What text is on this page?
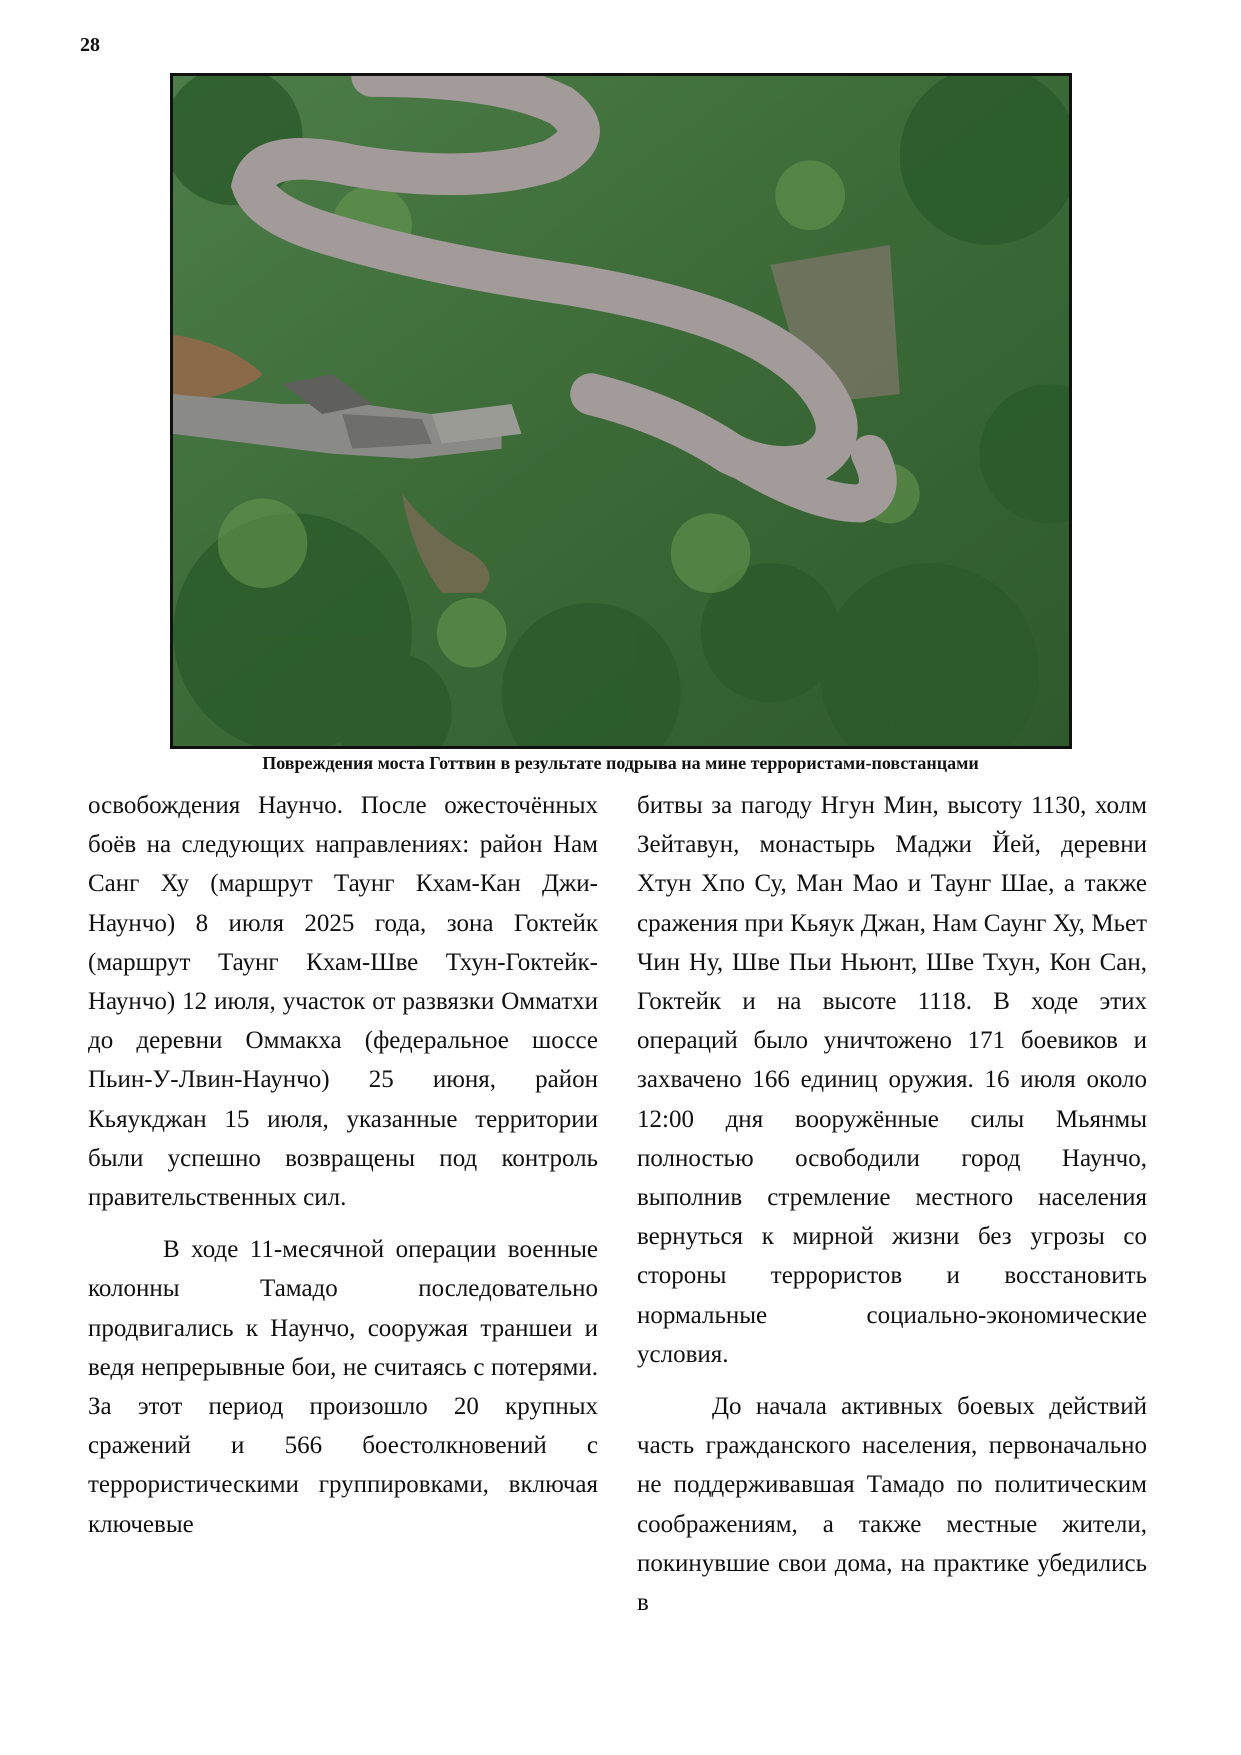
28
Повреждения моста Готтвин в результате подрыва на мине террористами-повстанцами

освобождения Наунчо. После ожесточённых боёв на следующих направлениях: район Нам Санг Ху (маршрут Таунг Кхам-Кан Джи-Наунчо) 8 июля 2025 года, зона Гоктейк (маршрут Таунг Кхам-Шве Тхун-Гоктейк-Наунчо) 12 июля, участок от развязки Омматхи до деревни Оммакха (федеральное шоссе Пьин-У-Лвин-Наунчо) 25 июня, район Кьяукджан 15 июля, указанные территории были успешно возвращены под контроль правительственных сил.

В ходе 11-месячной операции военные колонны Тамадо последовательно продвигались к Наунчо, сооружая траншеи и ведя непрерывные бои, не считаясь с потерями. За этот период произошло 20 крупных сражений и 566 боестолкновений с террористическими группировками, включая ключевые

битвы за пагоду Нгун Мин, высоту 1130, холм Зейтавун, монастырь Маджи Йей, деревни Хтун Хпо Су, Ман Мао и Таунг Шае, а также сражения при Кьяук Джан, Нам Саунг Ху, Мьет Чин Ну, Шве Пьи Ньюнт, Шве Тхун, Кон Сан, Гоктейк и на высоте 1118. В ходе этих операций было уничтожено 171 боевиков и захвачено 166 единиц оружия. 16 июля около 12:00 дня вооружённые силы Мьянмы полностью освободили город Наунчо, выполнив стремление местного населения вернуться к мирной жизни без угрозы со стороны террористов и восстановить нормальные социально-экономические условия.

До начала активных боевых действий часть гражданского населения, первоначально не поддерживавшая Тамадо по политическим соображениям, а также местные жители, покинувшие свои дома, на практике убедились в
